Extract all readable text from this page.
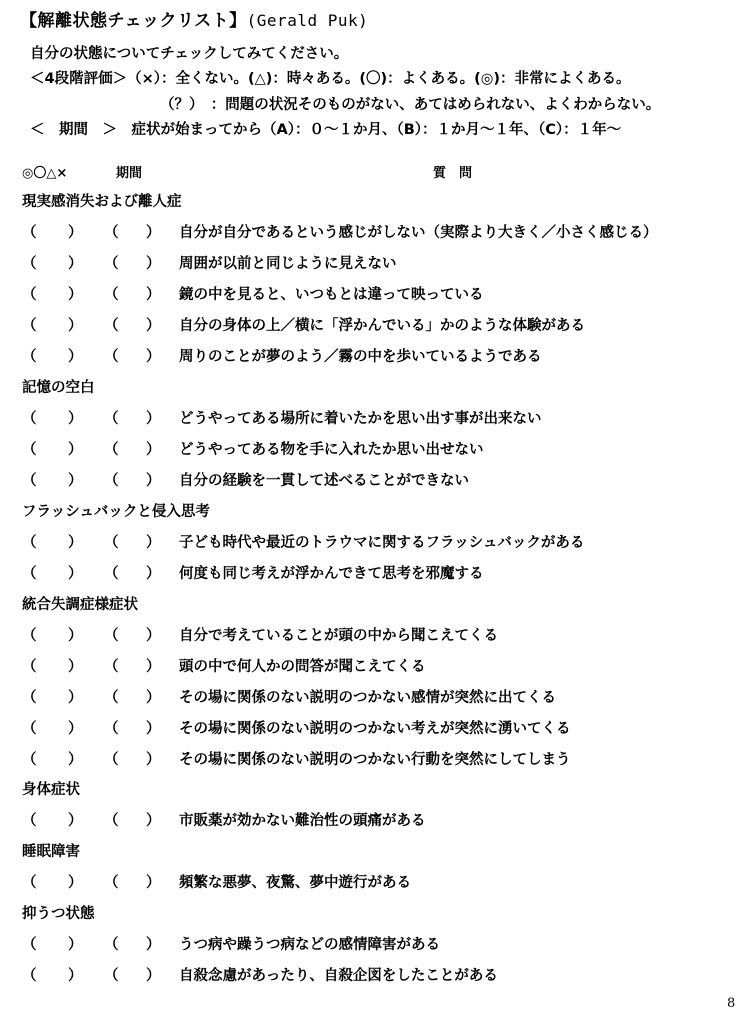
【解離状態チェックリスト】(Gerald Puk)
自分の状態についてチェックしてみてください。
＜4段階評価＞（×）：全くない。(△)：時々ある。(〇)：よくある。(◎)：非常によくある。
（？）　：問題の状況そのものがない、あてはめられない、よくわからない。
＜　期間　＞　症状が始まってから（A）：０～１か月、（B）：１か月～１年、（C）：１年～
◎〇△×	期間	質　問
現実感消失および離人症
（ ） （ ） 自分が自分であるという感じがしない（実際より大きく／小さく感じる）
（ ） （ ） 周囲が以前と同じように見えない
（ ） （ ） 鏡の中を見ると、いつもとは違って映っている
（ ） （ ） 自分の身体の上／横に「浮かんでいる」かのような体験がある
（ ） （ ） 周りのことが夢のよう／霧の中を歩いているようである
記憶の空白
（ ） （ ） どうやってある場所に着いたかを思い出す事が出来ない
（ ） （ ） どうやってある物を手に入れたか思い出せない
（ ） （ ） 自分の経験を一貫して述べることができない
フラッシュバックと侵入思考
（ ） （ ） 子ども時代や最近のトラウマに関するフラッシュバックがある
（ ） （ ） 何度も同じ考えが浮かんできて思考を邪魔する
統合失調症様症状
（ ） （ ） 自分で考えていることが頭の中から聞こえてくる
（ ） （ ） 頭の中で何人かの問答が聞こえてくる
（ ） （ ） その場に関係のない説明のつかない感情が突然に出てくる
（ ） （ ） その場に関係のない説明のつかない考えが突然に湧いてくる
（ ） （ ） その場に関係のない説明のつかない行動を突然にしてしまう
身体症状
（ ） （ ） 市販薬が効かない難治性の頭痛がある
睡眠障害
（ ） （ ） 頻繁な悪夢、夜驚、夢中遊行がある
抑うつ状態
（ ） （ ） うつ病や躁うつ病などの感情障害がある
（ ） （ ） 自殺念慮があったり、自殺企図をしたことがある
8
